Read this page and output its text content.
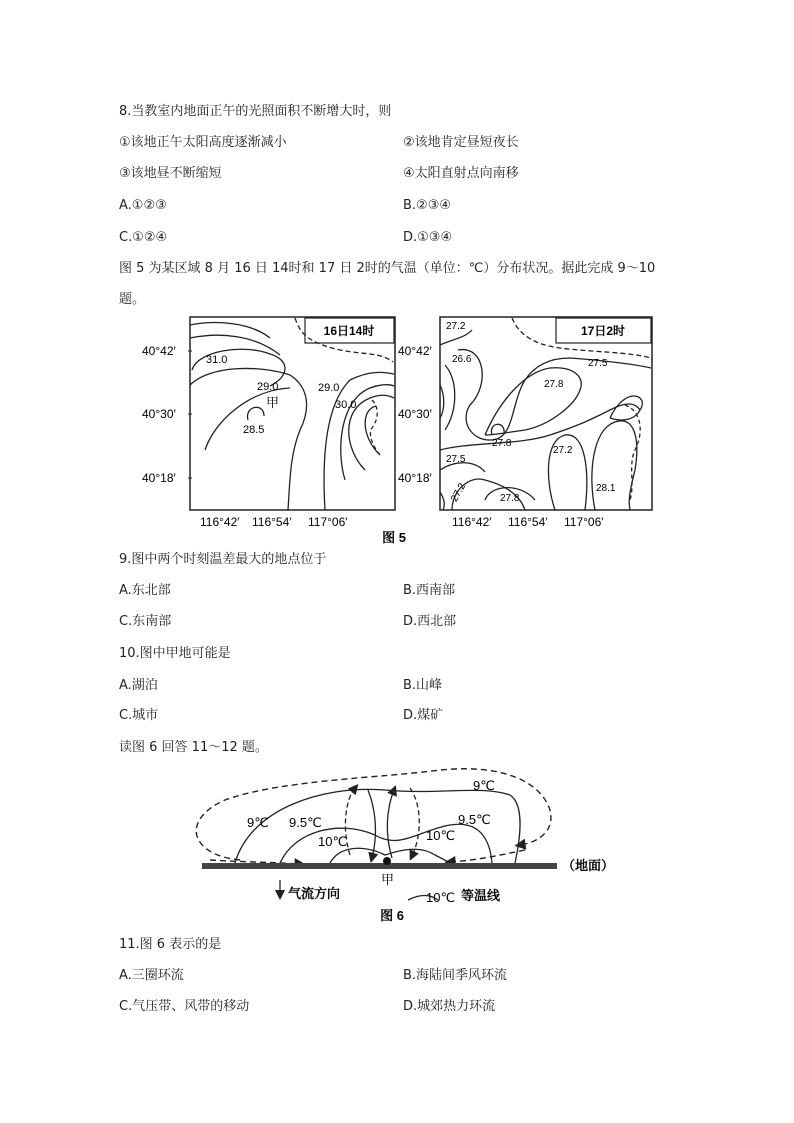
8.当教室内地面正午的光照面积不断增大时，则
①该地正午太阳高度逐渐减小	②该地肯定昼短夜长
③该地昼不断缩短	④太阳直射点向南移
A.①②③	B.②③④
C.①②④	D.①③④
图 5 为某区域 8 月 16 日 14时和 17 日 2时的气温（单位：℃）分布状况。据此完成 9～10
题。
16日14时
31.0
29.0	29.0
30.0
28.5
甲
17日2时
27.2
26.6	27.5
27.8
27.8
27.2
27.5
27.2	27.8
28.1
40°42′
40°30′
40°18′
40°42′
40°30′
40°18′
116°42′ 116°54′ 117°06′	116°42′ 116°54′ 117°06′
图 5
9.图中两个时刻温差最大的地点位于
A.东北部	B.西南部
C.东南部	D.西北部
10.图中甲地可能是
A.湖泊	B.山峰
C.城市	D.煤矿
读图 6 回答 11～12 题。
（地面）
甲
9℃ 9.5℃
10℃
9℃
9.5℃
10℃
气流方向	10℃ 等温线
图 6
11.图 6 表示的是
A.三圈环流	B.海陆间季风环流
C.气压带、风带的移动	D.城郊热力环流
